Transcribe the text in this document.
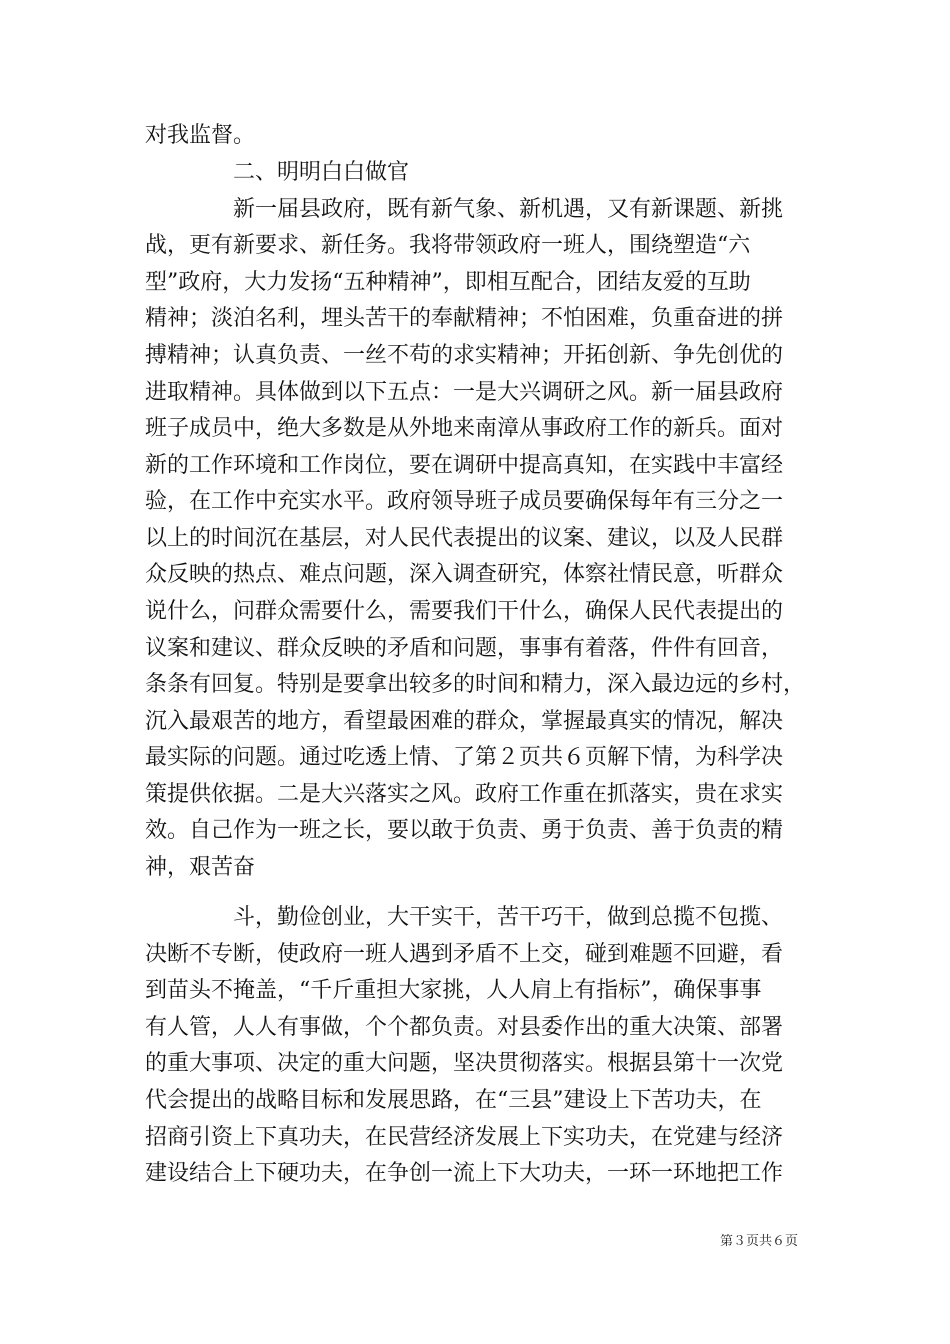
对我监督。
　　　　二、明明白白做官
　　　　新一届县政府，既有新气象、新机遇，又有新课题、新挑
战，更有新要求、新任务。我将带领政府一班人，围绕塑造“六
型”政府，大力发扬“五种精神”，即相互配合，团结友爱的互助
精神；淡泊名利，埋头苦干的奉献精神；不怕困难，负重奋进的拼
搏精神；认真负责、一丝不苟的求实精神；开拓创新、争先创优的
进取精神。具体做到以下五点：一是大兴调研之风。新一届县政府
班子成员中，绝大多数是从外地来南漳从事政府工作的新兵。面对
新的工作环境和工作岗位，要在调研中提高真知，在实践中丰富经
验，在工作中充实水平。政府领导班子成员要确保每年有三分之一
以上的时间沉在基层，对人民代表提出的议案、建议，以及人民群
众反映的热点、难点问题，深入调查研究，体察社情民意，听群众
说什么，问群众需要什么，需要我们干什么，确保人民代表提出的
议案和建议、群众反映的矛盾和问题，事事有着落，件件有回音，
条条有回复。特别是要拿出较多的时间和精力，深入最边远的乡村，
沉入最艰苦的地方，看望最困难的群众，掌握最真实的情况，解决
最实际的问题。通过吃透上情、了第２页共６页解下情，为科学决
策提供依据。二是大兴落实之风。政府工作重在抓落实，贵在求实
效。自己作为一班之长，要以敢于负责、勇于负责、善于负责的精
神，艰苦奋
　　　　斗，勤俭创业，大干实干，苦干巧干，做到总揽不包揽、
决断不专断，使政府一班人遇到矛盾不上交，碰到难题不回避，看
到苗头不掩盖，“千斤重担大家挑，人人肩上有指标”，确保事事
有人管，人人有事做，个个都负责。对县委作出的重大决策、部署
的重大事项、决定的重大问题，坚决贯彻落实。根据县第十一次党
代会提出的战略目标和发展思路，在“三县”建设上下苦功夫，在
招商引资上下真功夫，在民营经济发展上下实功夫，在党建与经济
建设结合上下硬功夫，在争创一流上下大功夫，一环一环地把工作
第３页共６页
